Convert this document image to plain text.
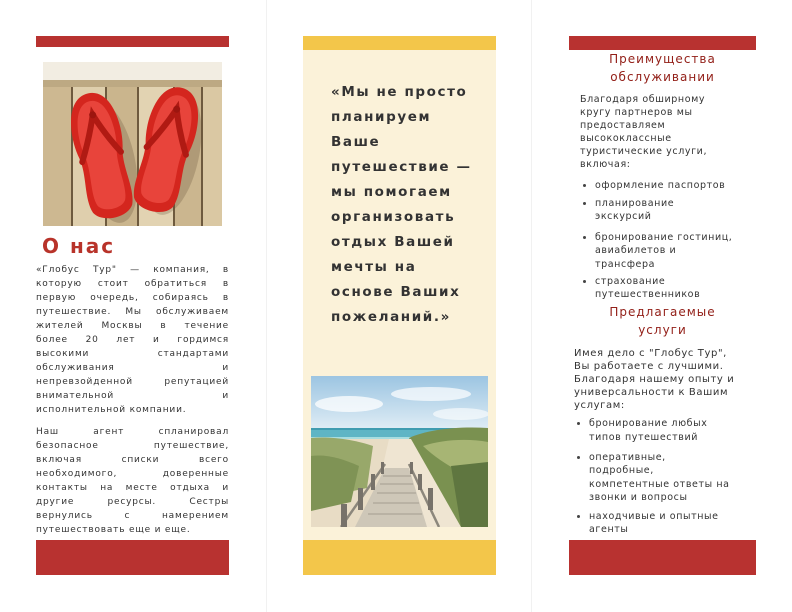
О нас
«Глобус Тур" — компания, в
которую стоит обратиться в
первую очередь, собираясь в
путешествие. Мы обслуживаем
жителей Москвы в течение
более 20 лет и гордимся
высокими стандартами
обслуживания и
непревзойденной репутацией
внимательной и
исполнительной компании.
Наш агент спланировал
безопасное путешествие,
включая списки всего
необходимого, доверенные
контакты на месте отдыха и
другие ресурсы. Сестры
вернулись с намерением
путешествовать еще и еще.
«Мы не просто
планируем
Ваше
путешествие —
мы помогаем
организовать
отдых Вашей
мечты на
основе Ваших
пожеланий.»
Преимущества
обслуживании
Благодаря обширному
кругу партнеров мы
предоставляем
высококлассные
туристические услуги,
включая:
оформление паспортов
планирование
экскурсий
бронирование гостиниц,
авиабилетов и
трансфера
страхование
путешественников
Предлагаемые
услуги
Имея дело с "Глобус Тур",
Вы работаете с лучшими.
Благодаря нашему опыту и
универсальности к Вашим
услугам:
бронирование любых
типов путешествий
оперативные,
подробные,
компетентные ответы на
звонки и вопросы
находчивые и опытные
агенты
